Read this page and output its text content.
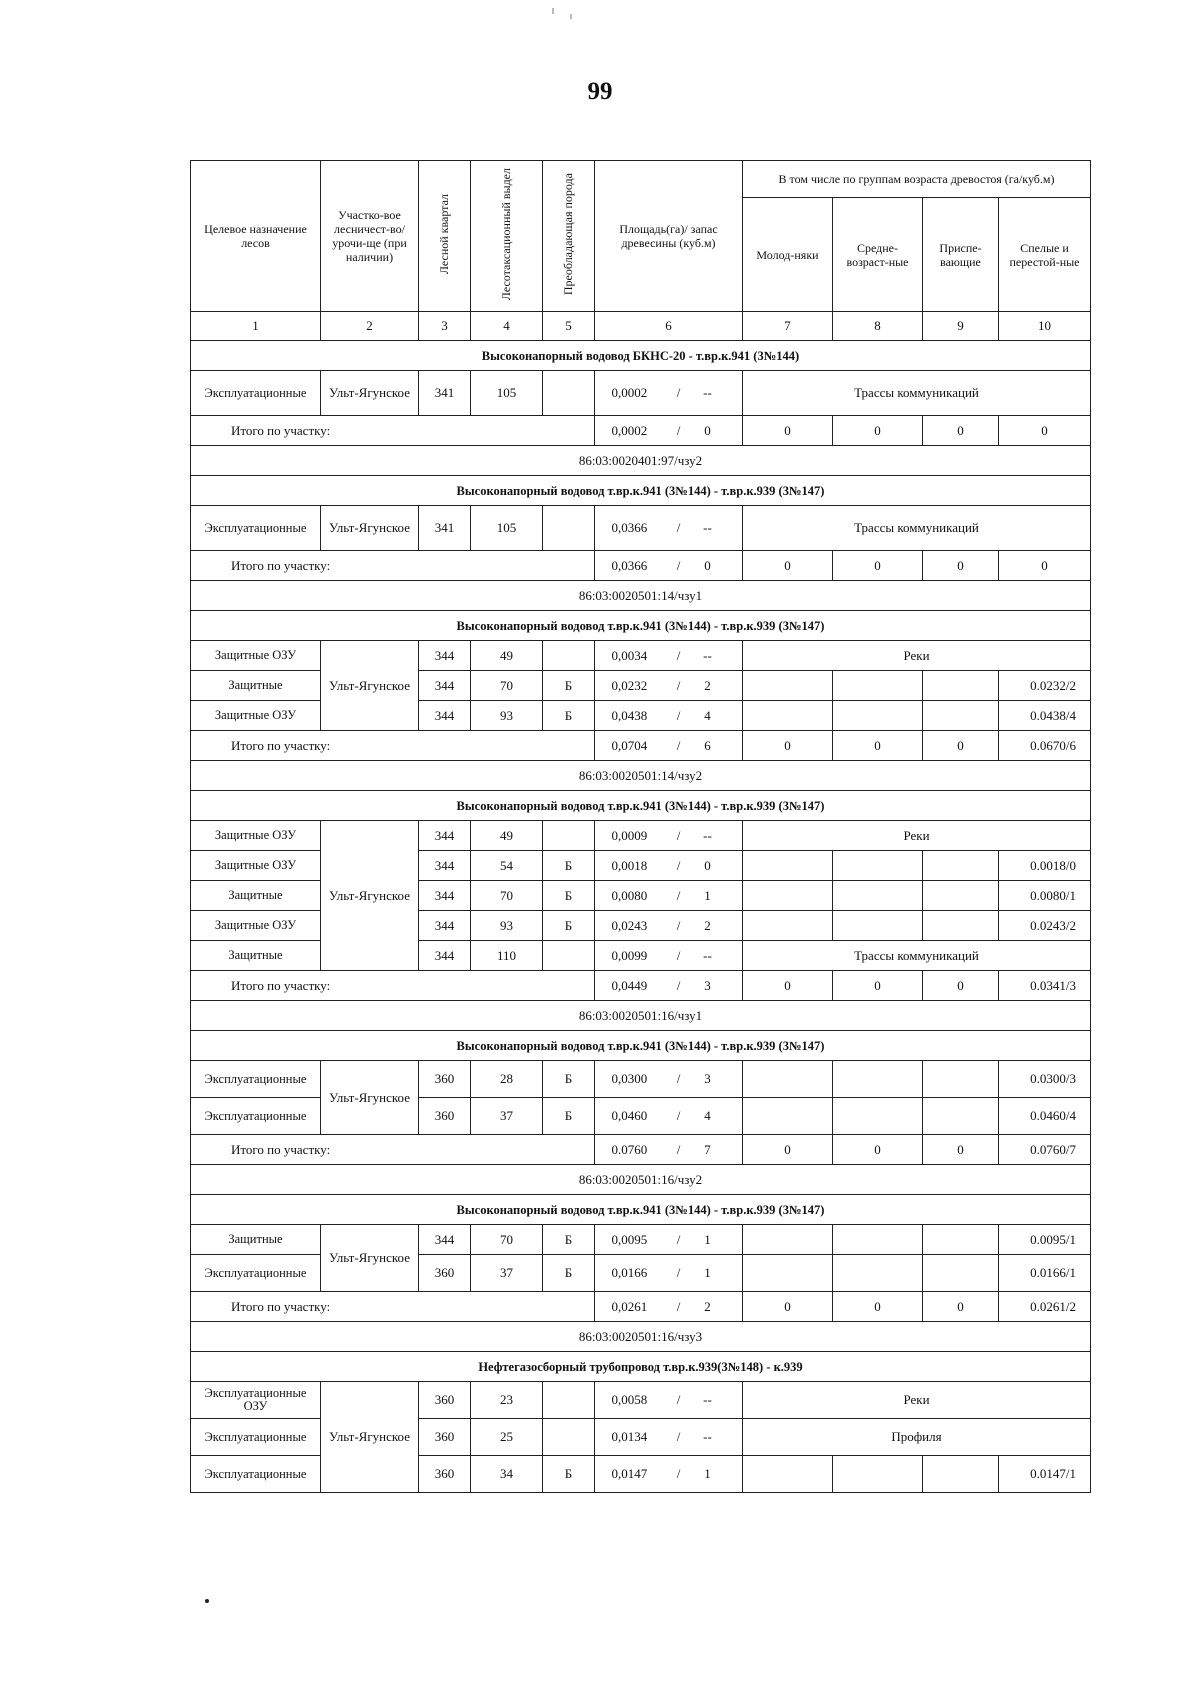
99
Целевое назначение лесов	Участко-вое лесничест-во/урочи-ще (при наличии)	Лесной квартал	Лесотаксационный выдел	Преобладающая порода	Площадь(га)/ запас древесины (куб.м)	В том числе по группам возраста древостоя (га/куб.м)			
						Молод-няки	Средне-возраст-ные	Приспе-вающие	Спелые и перестой-ные
1	2	3	4	5	6	7	8	9	10
Высоконапорный водовод БКНС-20 - т.вр.к.941 (3№144)									
Эксплуатационные	Ульт-Ягунское	341	105		0,0002 / --	Трассы коммуникаций			
Итого по участку:					0,0002 / 0	0	0	0	0
86:03:0020401:97/чзу2									
Высоконапорный водовод т.вр.к.941 (3№144) - т.вр.к.939 (3№147)									
Эксплуатационные	Ульт-Ягунское	341	105		0,0366 / --	Трассы коммуникаций			
Итого по участку:					0,0366 / 0	0	0	0	0
86:03:0020501:14/чзу1									
Высоконапорный водовод т.вр.к.941 (3№144) - т.вр.к.939 (3№147)									
Защитные ОЗУ	Ульт-Ягунское	344	49		0,0034 / --	Реки			
Защитные		344	70	Б	0,0232 / 2				0.0232/2
Защитные ОЗУ		344	93	Б	0,0438 / 4				0.0438/4
Итого по участку:					0,0704 / 6	0	0	0	0.0670/6
86:03:0020501:14/чзу2									
Высоконапорный водовод т.вр.к.941 (3№144) - т.вр.к.939 (3№147)									
Защитные ОЗУ	Ульт-Ягунское	344	49		0,0009 / --	Реки			
Защитные ОЗУ		344	54	Б	0,0018 / 0				0.0018/0
Защитные		344	70	Б	0,0080 / 1				0.0080/1
Защитные ОЗУ		344	93	Б	0,0243 / 2				0.0243/2
Защитные		344	110		0,0099 / --	Трассы коммуникаций			
Итого по участку:					0,0449 / 3	0	0	0	0.0341/3
86:03:0020501:16/чзу1									
Высоконапорный водовод т.вр.к.941 (3№144) - т.вр.к.939 (3№147)									
Эксплуатационные	Ульт-Ягунское	360	28	Б	0,0300 / 3				0.0300/3
Эксплуатационные		360	37	Б	0,0460 / 4				0.0460/4
Итого по участку:					0.0760 / 7	0	0	0	0.0760/7
86:03:0020501:16/чзу2									
Высоконапорный водовод т.вр.к.941 (3№144) - т.вр.к.939 (3№147)									
Защитные	Ульт-Ягунское	344	70	Б	0,0095 / 1				0.0095/1
Эксплуатационные		360	37	Б	0,0166 / 1				0.0166/1
Итого по участку:					0,0261 / 2	0	0	0	0.0261/2
86:03:0020501:16/чзу3									
Нефтегазосборный трубопровод т.вр.к.939(3№148) - к.939									
Эксплуатационные ОЗУ	Ульт-Ягунское	360	23		0,0058 / --	Реки			
Эксплуатационные		360	25		0,0134 / --	Профиля			
Эксплуатационные		360	34	Б	0,0147 / 1				0.0147/1
